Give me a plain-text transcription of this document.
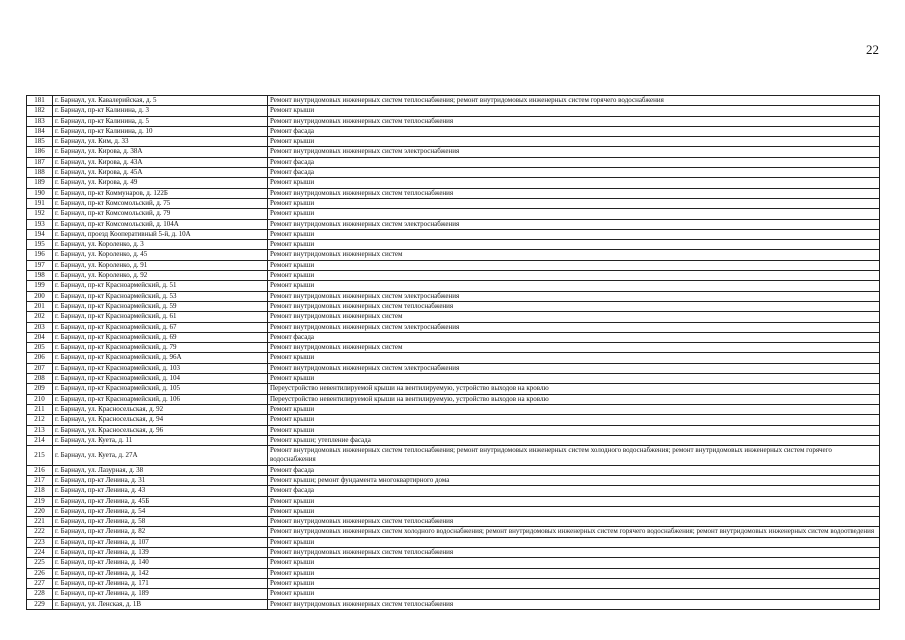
22
181	г. Барнаул, ул. Кавалерийская, д. 5	Ремонт внутридомовых инженерных систем теплоснабжения; ремонт внутридомовых инженерных систем горячего водоснабжения
182	г. Барнаул, пр-кт Калинина, д. 3	Ремонт крыши
183	г. Барнаул, пр-кт Калинина, д. 5	Ремонт внутридомовых инженерных систем теплоснабжения
184	г. Барнаул, пр-кт Калинина, д. 10	Ремонт фасада
185	г. Барнаул, ул. Ким, д. 33	Ремонт крыши
186	г. Барнаул, ул. Кирова, д. 38А	Ремонт внутридомовых инженерных систем электроснабжения
187	г. Барнаул, ул. Кирова, д. 43А	Ремонт фасада
188	г. Барнаул, ул. Кирова, д. 45А	Ремонт фасада
189	г. Барнаул, ул. Кирова, д. 49	Ремонт крыши
190	г. Барнаул, пр-кт Коммунаров, д. 122Б	Ремонт внутридомовых инженерных систем теплоснабжения
191	г. Барнаул, пр-кт Комсомольский, д. 75	Ремонт крыши
192	г. Барнаул, пр-кт Комсомольский, д. 79	Ремонт крыши
193	г. Барнаул, пр-кт Комсомольский, д. 104А	Ремонт внутридомовых инженерных систем электроснабжения
194	г. Барнаул, проезд Кооперативный 5-й, д. 10А	Ремонт крыши
195	г. Барнаул, ул. Короленко, д. 3	Ремонт крыши
196	г. Барнаул, ул. Короленко, д. 45	Ремонт внутридомовых инженерных систем
197	г. Барнаул, ул. Короленко, д. 91	Ремонт крыши
198	г. Барнаул, ул. Короленко, д. 92	Ремонт крыши
199	г. Барнаул, пр-кт Красноармейский, д. 51	Ремонт крыши
200	г. Барнаул, пр-кт Красноармейский, д. 53	Ремонт внутридомовых инженерных систем электроснабжения
201	г. Барнаул, пр-кт Красноармейский, д. 59	Ремонт внутридомовых инженерных систем теплоснабжения
202	г. Барнаул, пр-кт Красноармейский, д. 61	Ремонт внутридомовых инженерных систем
203	г. Барнаул, пр-кт Красноармейский, д. 67	Ремонт внутридомовых инженерных систем электроснабжения
204	г. Барнаул, пр-кт Красноармейский, д. 69	Ремонт фасада
205	г. Барнаул, пр-кт Красноармейский, д. 79	Ремонт внутридомовых инженерных систем
206	г. Барнаул, пр-кт Красноармейский, д. 96А	Ремонт крыши
207	г. Барнаул, пр-кт Красноармейский, д. 103	Ремонт внутридомовых инженерных систем электроснабжения
208	г. Барнаул, пр-кт Красноармейский, д. 104	Ремонт крыши
209	г. Барнаул, пр-кт Красноармейский, д. 105	Переустройство невентилируемой крыши на вентилируемую, устройство выходов на кровлю
210	г. Барнаул, пр-кт Красноармейский, д. 106	Переустройство невентилируемой крыши на вентилируемую, устройство выходов на кровлю
211	г. Барнаул, ул. Красносельская, д. 92	Ремонт крыши
212	г. Барнаул, ул. Красносельская, д. 94	Ремонт крыши
213	г. Барнаул, ул. Красносельская, д. 96	Ремонт крыши
214	г. Барнаул, ул. Куета, д. 11	Ремонт крыши; утепление фасада
215	г. Барнаул, ул. Куета, д. 27А	Ремонт внутридомовых инженерных систем теплоснабжения; ремонт внутридомовых инженерных систем холодного водоснабжения; ремонт внутридомовых инженерных систем горячего водоснабжения
216	г. Барнаул, ул. Лазурная, д. 38	Ремонт фасада
217	г. Барнаул, пр-кт Ленина, д. 31	Ремонт крыши; ремонт фундамента многоквартирного дома
218	г. Барнаул, пр-кт Ленина, д. 43	Ремонт фасада
219	г. Барнаул, пр-кт Ленина, д. 45Б	Ремонт крыши
220	г. Барнаул, пр-кт Ленина, д. 54	Ремонт крыши
221	г. Барнаул, пр-кт Ленина, д. 58	Ремонт внутридомовых инженерных систем теплоснабжения
222	г. Барнаул, пр-кт Ленина, д. 82	Ремонт внутридомовых инженерных систем холодного водоснабжения; ремонт внутридомовых инженерных систем горячего водоснабжения; ремонт внутридомовых инженерных систем водоотведения
223	г. Барнаул, пр-кт Ленина, д. 107	Ремонт крыши
224	г. Барнаул, пр-кт Ленина, д. 139	Ремонт внутридомовых инженерных систем теплоснабжения
225	г. Барнаул, пр-кт Ленина, д. 140	Ремонт крыши
226	г. Барнаул, пр-кт Ленина, д. 142	Ремонт крыши
227	г. Барнаул, пр-кт Ленина, д. 171	Ремонт крыши
228	г. Барнаул, пр-кт Ленина, д. 189	Ремонт крыши
229	г. Барнаул, ул. Ленская, д. 1В	Ремонт внутридомовых инженерных систем теплоснабжения
